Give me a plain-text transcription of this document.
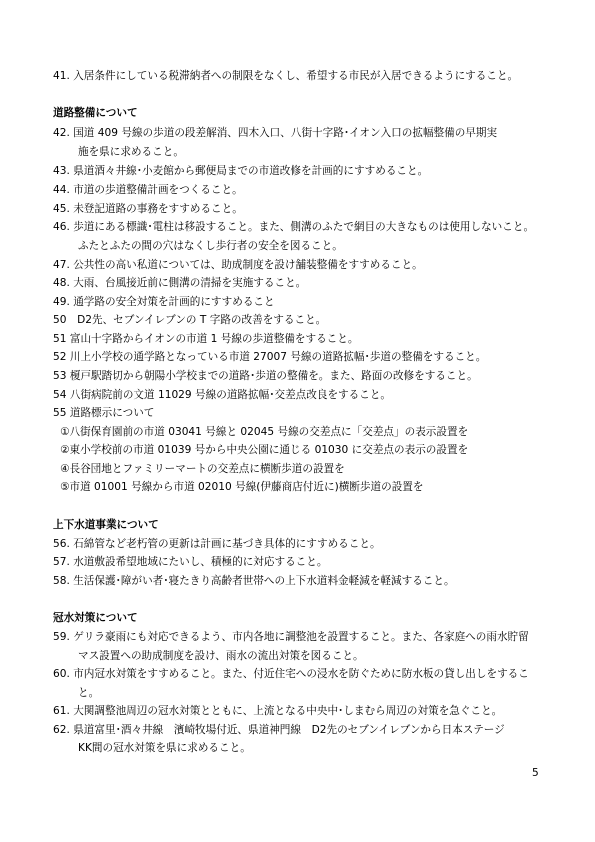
41. 入居条件にしている税滞納者への制限をなくし、希望する市民が入居できるようにすること。
道路整備について
42. 国道 409 号線の歩道の段差解消、四木入口、八街十字路･イオン入口の拡幅整備の早期実
施を県に求めること。
43. 県道酒々井線･小麦館から郵便局までの市道改修を計画的にすすめること。
44. 市道の歩道整備計画をつくること。
45. 未登記道路の事務をすすめること。
46. 歩道にある標識･電柱は移設すること。また、側溝のふたで網目の大きなものは使用しないこと。
ふたとふたの間の穴はなくし歩行者の安全を図ること。
47. 公共性の高い私道については、助成制度を設け舗装整備をすすめること。
48. 大雨、台風接近前に側溝の清掃を実施すること。
49. 通学路の安全対策を計画的にすすめること
50　D2先、セブンイレブンの T 字路の改善をすること。
51 富山十字路からイオンの市道 1 号線の歩道整備をすること。
52 川上小学校の通学路となっている市道 27007 号線の道路拡幅･歩道の整備をすること。
53 榎戸駅踏切から朝陽小学校までの道路･歩道の整備を。また、路面の改修をすること。
54 八街病院前の文道 11029 号線の道路拡幅･交差点改良をすること。
55 道路標示について
①八街保育園前の市道 03041 号線と 02045 号線の交差点に「交差点」の表示設置を
②東小学校前の市道 01039 号から中央公園に通じる 01030 に交差点の表示の設置を
④長谷団地とファミリーマートの交差点に横断歩道の設置を
⑤市道 01001 号線から市道 02010 号線(伊藤商店付近に)横断歩道の設置を
上下水道事業について
56. 石綿管など老朽管の更新は計画に基づき具体的にすすめること。
57. 水道敷設希望地域にたいし、積極的に対応すること。
58. 生活保護･障がい者･寝たきり高齢者世帯への上下水道料金軽減を軽減すること。
冠水対策について
59. ゲリラ豪雨にも対応できるよう、市内各地に調整池を設置すること。また、各家庭への雨水貯留
マス設置への助成制度を設け、雨水の流出対策を図ること。
60. 市内冠水対策をすすめること。また、付近住宅への浸水を防ぐために防水板の貸し出しをするこ
と。
61. 大関調整池周辺の冠水対策とともに、上流となる中央中･しまむら周辺の対策を急ぐこと。
62. 県道富里･酒々井線　濱崎牧場付近、県道神門線　D2先のセブンイレブンから日本ステージ
KK間の冠水対策を県に求めること。
5
